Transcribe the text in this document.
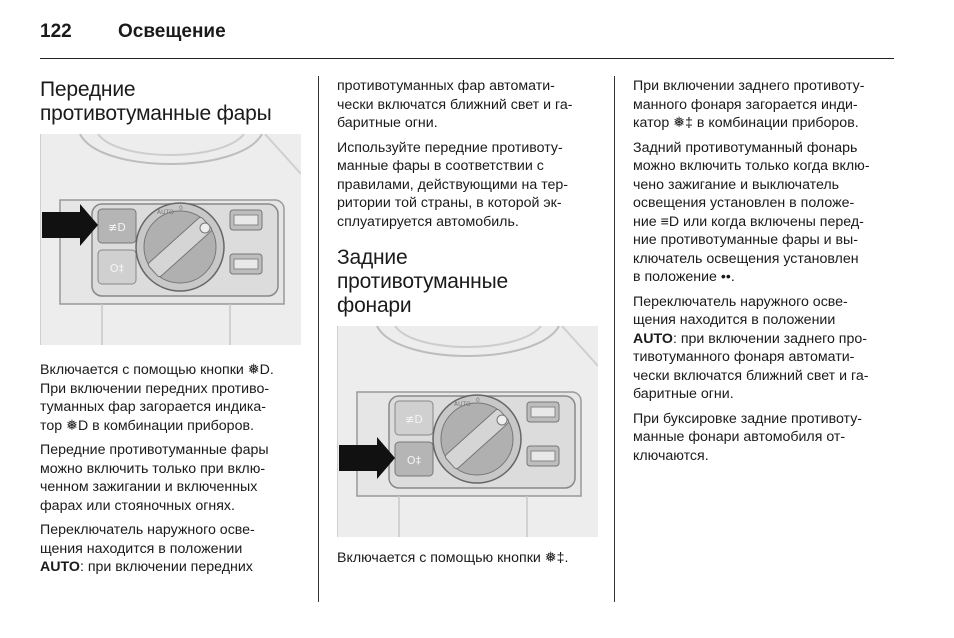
122 Освещение
Передние
противотуманные фары
≢D
O‡
AUTO
0

Включается с помощью кнопки ❅D.
При включении передних противо-
туманных фар загорается индика-
тор ❅D в комбинации приборов.

Передние противотуманные фары
можно включить только при вклю-
ченном зажигании и включенных
фарах или стояночных огнях.

Переключатель наружного осве-
щения находится в положении
AUTO: при включении передних

противотуманных фар автомати-
чески включатся ближний свет и га-
баритные огни.

Используйте передние противоту-
манные фары в соответствии с
правилами, действующими на тер-
ритории той страны, в которой эк-
сплуатируется автомобиль.

Задние
противотуманные
фонари
≢D
O‡
AUTO
0

Включается с помощью кнопки ❅‡.

При включении заднего противоту-
манного фонаря загорается инди-
катор ❅‡ в комбинации приборов.

Задний противотуманный фонарь
можно включить только когда вклю-
чено зажигание и выключатель
освещения установлен в положе-
ние ≡D или когда включены перед-
ние противотуманные фары и вы-
ключатель освещения установлен
в положение ••.

Переключатель наружного осве-
щения находится в положении
AUTO: при включении заднего про-
тивотуманного фонаря автомати-
чески включатся ближний свет и га-
баритные огни.

При буксировке задние противоту-
манные фонари автомобиля от-
ключаются.
